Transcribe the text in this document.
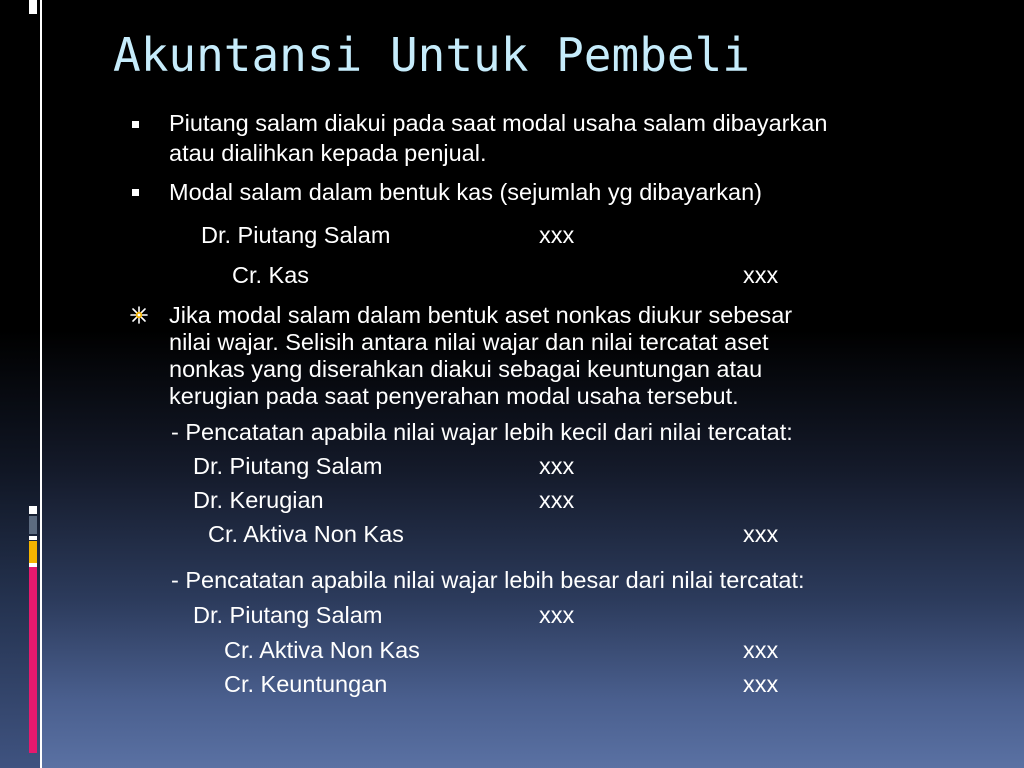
Akuntansi Untuk Pembeli
Piutang salam diakui pada saat modal usaha salam dibayarkan
atau dialihkan kepada penjual.
Modal salam dalam bentuk kas (sejumlah yg dibayarkan)
Dr. Piutang Salam	xxx
Cr. Kas	xxx
Jika modal salam dalam bentuk aset nonkas diukur sebesar
nilai wajar. Selisih antara nilai wajar dan nilai tercatat aset
nonkas yang diserahkan diakui sebagai keuntungan atau
kerugian pada saat penyerahan modal usaha tersebut.
- Pencatatan apabila nilai wajar lebih kecil dari nilai tercatat:
Dr. Piutang Salam	xxx
Dr. Kerugian	xxx
Cr. Aktiva Non Kas	xxx
- Pencatatan apabila nilai wajar lebih besar dari nilai tercatat:
Dr. Piutang Salam	xxx
Cr. Aktiva Non Kas	xxx
Cr. Keuntungan	xxx
